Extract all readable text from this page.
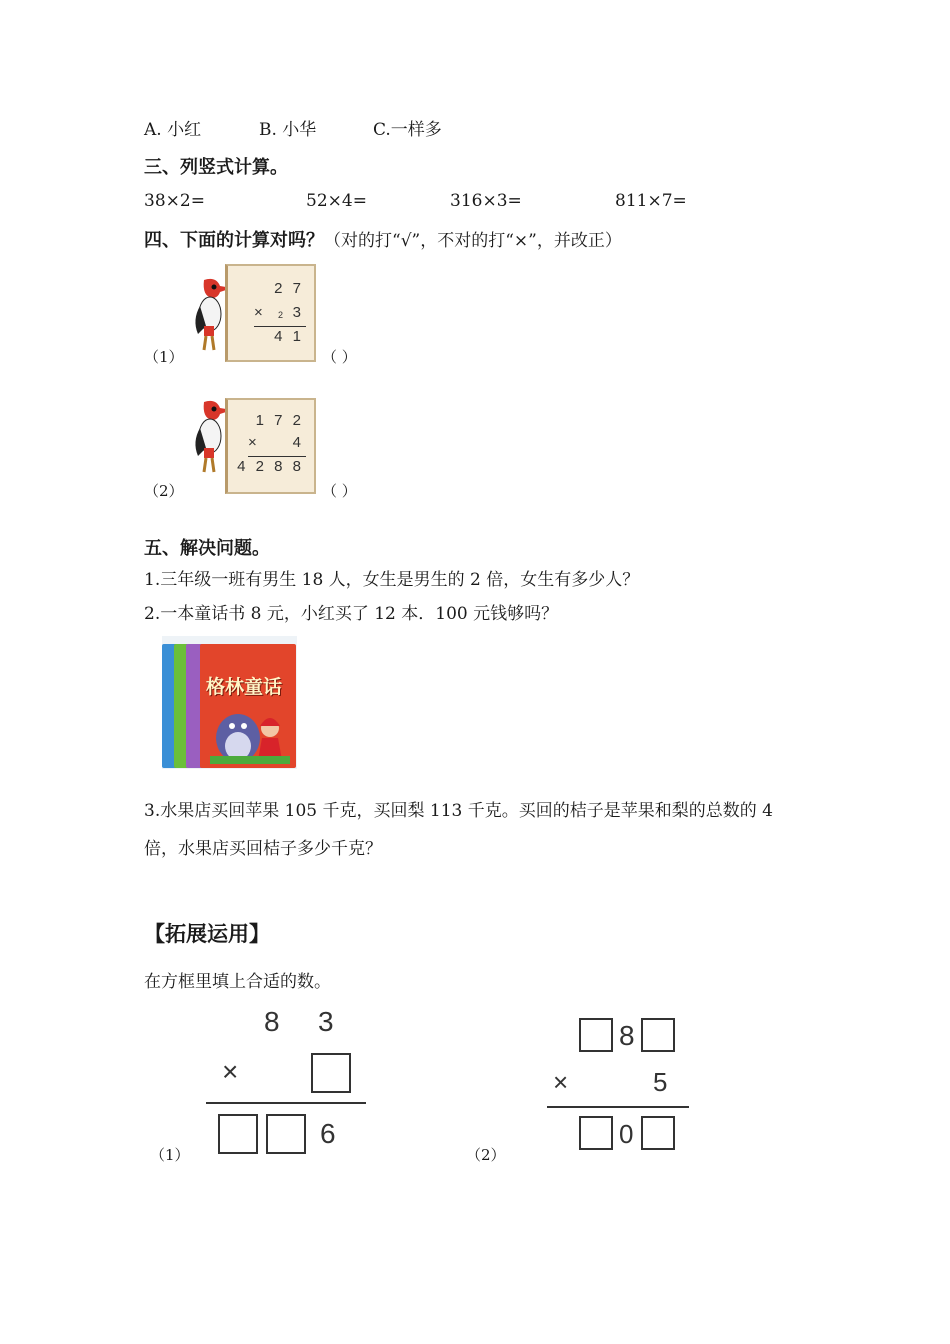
A. 小红	B. 小华	C.一样多
三、列竖式计算。
38×2=	52×4=	316×3=	811×7=
四、下面的计算对吗？（对的打“√”，不对的打“×”，并改正）
（1）
2 7
× 2 3
4 1
（ ）
（2）
1 7 2
× 4
4 2 8 8
（ ）
五、解决问题。
1.三年级一班有男生 18 人，女生是男生的 2 倍，女生有多少人？
2.一本童话书 8 元，小红买了 12 本．100 元钱够吗？
格林童话
3.水果店买回苹果 105 千克，买回梨 113 千克。买回的桔子是苹果和梨的总数的 4
倍，水果店买回桔子多少千克？
【拓展运用】
在方框里填上合适的数。
（1）
8 3
×
6
（2）
8
×	5
0
